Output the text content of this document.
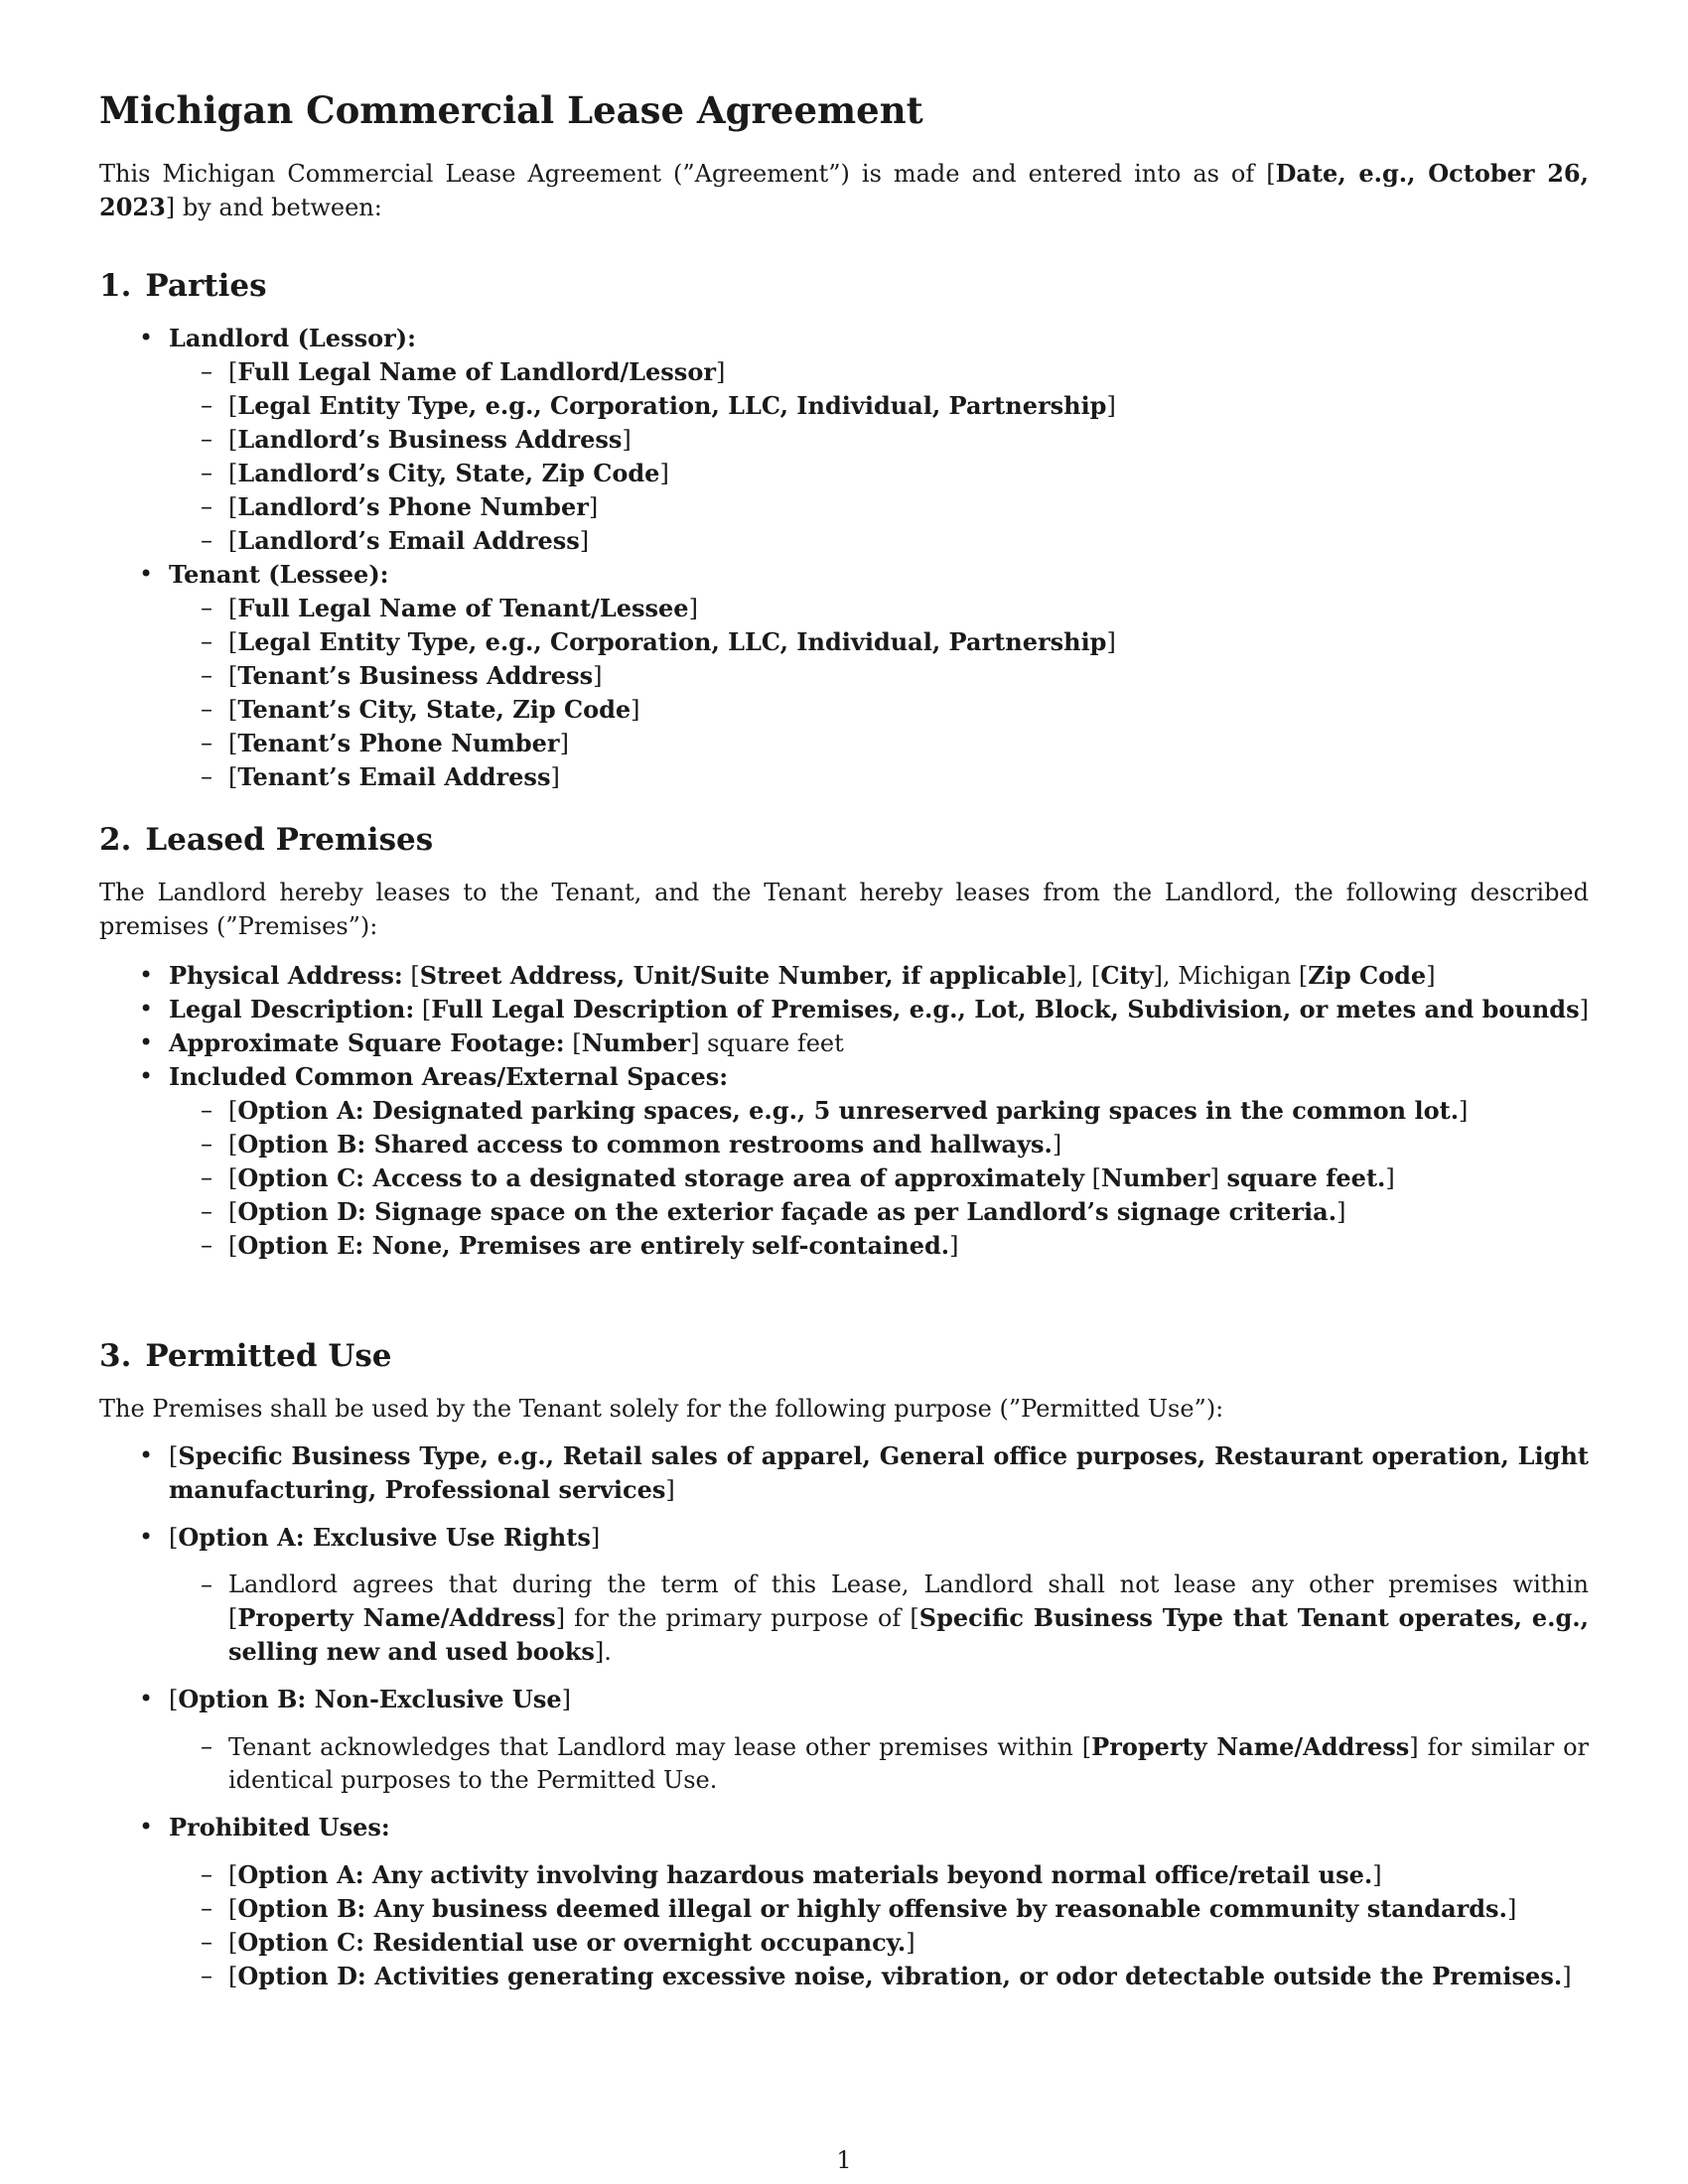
Michigan Commercial Lease Agreement

This Michigan Commercial Lease Agreement (”Agreement”) is made and entered into as of [Date, e.g., October 26, 2023] by and between:

1. Parties
• Landlord (Lessor):
– [Full Legal Name of Landlord/Lessor]
– [Legal Entity Type, e.g., Corporation, LLC, Individual, Partnership]
– [Landlord’s Business Address]
– [Landlord’s City, State, Zip Code]
– [Landlord’s Phone Number]
– [Landlord’s Email Address]
• Tenant (Lessee):
– [Full Legal Name of Tenant/Lessee]
– [Legal Entity Type, e.g., Corporation, LLC, Individual, Partnership]
– [Tenant’s Business Address]
– [Tenant’s City, State, Zip Code]
– [Tenant’s Phone Number]
– [Tenant’s Email Address]
2. Leased Premises

The Landlord hereby leases to the Tenant, and the Tenant hereby leases from the Landlord, the following described premises (”Premises”):

• Physical Address: [Street Address, Unit/Suite Number, if applicable], [City], Michigan [Zip Code]
• Legal Description: [Full Legal Description of Premises, e.g., Lot, Block, Subdivision, or metes and bounds]
• Approximate Square Footage: [Number] square feet
• Included Common Areas/External Spaces:
– [Option A: Designated parking spaces, e.g., 5 unreserved parking spaces in the common lot.]
– [Option B: Shared access to common restrooms and hallways.]
– [Option C: Access to a designated storage area of approximately [Number] square feet.]
– [Option D: Signage space on the exterior façade as per Landlord’s signage criteria.]
– [Option E: None, Premises are entirely self-contained.]
3. Permitted Use

The Premises shall be used by the Tenant solely for the following purpose (”Permitted Use”):

• [Specific Business Type, e.g., Retail sales of apparel, General office purposes, Restaurant operation, Light manufacturing, Professional services]
• [Option A: Exclusive Use Rights]
– Landlord agrees that during the term of this Lease, Landlord shall not lease any other premises within [Property Name/Address] for the primary purpose of [Specific Business Type that Tenant operates, e.g., selling new and used books].
• [Option B: Non-Exclusive Use]
– Tenant acknowledges that Landlord may lease other premises within [Property Name/Address] for similar or identical purposes to the Permitted Use.
• Prohibited Uses:
– [Option A: Any activity involving hazardous materials beyond normal office/retail use.]
– [Option B: Any business deemed illegal or highly offensive by reasonable community standards.]
– [Option C: Residential use or overnight occupancy.]
– [Option D: Activities generating excessive noise, vibration, or odor detectable outside the Premises.]
1
